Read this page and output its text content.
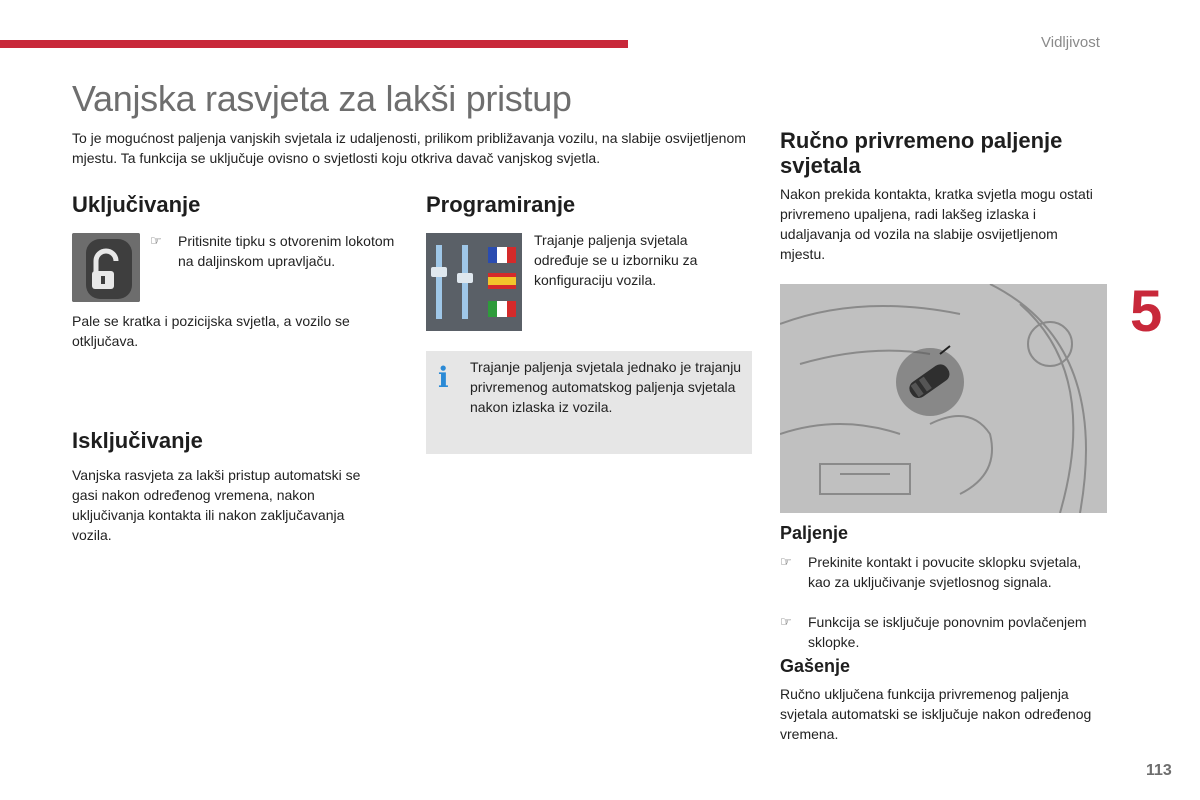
Vidljivost
Vanjska rasvjeta za lakši pristup

To je mogućnost paljenja vanjskih svjetala iz udaljenosti, prilikom približavanja vozilu, na slabije osvijetljenom mjestu. Ta funkcija se uključuje ovisno o svjetlosti koju otkriva davač vanjskog svjetla.

Uključivanje
☞	Pritisnite tipku s otvorenim lokotom na daljinskom upravljaču.

Pale se kratka i pozicijska svjetla, a vozilo se otključava.

Isključivanje

Vanjska rasvjeta za lakši pristup automatski se gasi nakon određenog vremena, nakon uključivanja kontakta ili nakon zaključavanja vozila.

Programiranje

Trajanje paljenja svjetala određuje se u izborniku za konfiguraciju vozila.

i	Trajanje paljenja svjetala jednako je trajanju privremenog automatskog paljenja svjetala nakon izlaska iz vozila.

Ručno privremeno paljenje svjetala

Nakon prekida kontakta, kratka svjetla mogu ostati privremeno upaljena, radi lakšeg izlaska i udaljavanja od vozila na slabije osvijetljenom mjestu.

Paljenje
☞	Prekinite kontakt i povucite sklopku svjetala, kao za uključivanje svjetlosnog signala.
☞	Funkcija se isključuje ponovnim povlačenjem sklopke.
Gašenje

Ručno uključena funkcija privremenog paljenja svjetala automatski se isključuje nakon određenog vremena.

5
113
